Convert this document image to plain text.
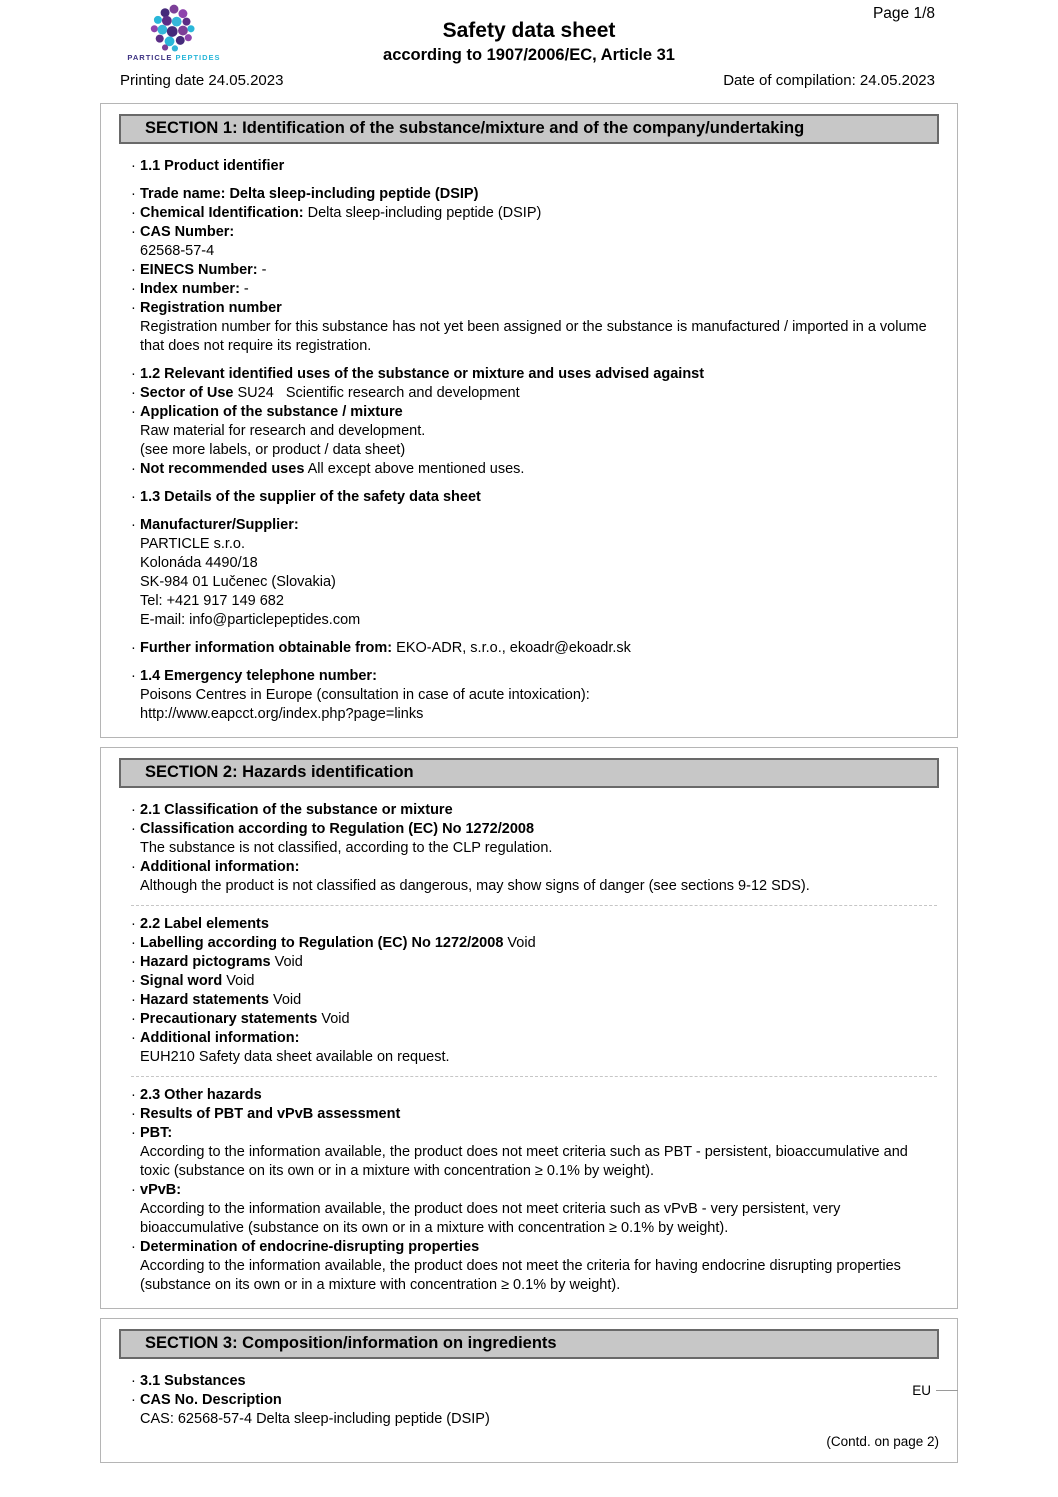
Page 1/8
PARTICLE PEPTIDES
Safety data sheet
according to 1907/2006/EC, Article 31
Printing date 24.05.2023	Date of compilation: 24.05.2023
SECTION 1: Identification of the substance/mixture and of the company/undertaking
· 1.1 Product identifier
· Trade name: Delta sleep-including peptide (DSIP)
· Chemical Identification: Delta sleep-including peptide (DSIP)
· CAS Number:
62568-57-4
· EINECS Number: -
· Index number: -
· Registration number
Registration number for this substance has not yet been assigned or the substance is manufactured / imported in a volume that does not require its registration.
· 1.2 Relevant identified uses of the substance or mixture and uses advised against
· Sector of Use SU24   Scientific research and development
· Application of the substance / mixture
Raw material for research and development.
(see more labels, or product / data sheet)
· Not recommended uses All except above mentioned uses.
· 1.3 Details of the supplier of the safety data sheet
· Manufacturer/Supplier:
PARTICLE s.r.o.
Kolonáda 4490/18
SK-984 01 Lučenec (Slovakia)
Tel: +421 917 149 682
E-mail: info@particlepeptides.com
· Further information obtainable from: EKO-ADR, s.r.o., ekoadr@ekoadr.sk
· 1.4 Emergency telephone number:
Poisons Centres in Europe (consultation in case of acute intoxication):
http://www.eapcct.org/index.php?page=links
SECTION 2: Hazards identification
· 2.1 Classification of the substance or mixture
· Classification according to Regulation (EC) No 1272/2008
The substance is not classified, according to the CLP regulation.
· Additional information:
Although the product is not classified as dangerous, may show signs of danger (see sections 9-12 SDS).
· 2.2 Label elements
· Labelling according to Regulation (EC) No 1272/2008 Void
· Hazard pictograms Void
· Signal word Void
· Hazard statements Void
· Precautionary statements Void
· Additional information:
EUH210 Safety data sheet available on request.
· 2.3 Other hazards
· Results of PBT and vPvB assessment
· PBT:
According to the information available, the product does not meet criteria such as PBT - persistent, bioaccumulative and toxic (substance on its own or in a mixture with concentration ≥ 0.1% by weight).
· vPvB:
According to the information available, the product does not meet criteria such as vPvB - very persistent, very bioaccumulative (substance on its own or in a mixture with concentration ≥ 0.1% by weight).
· Determination of endocrine-disrupting properties
According to the information available, the product does not meet the criteria for having endocrine disrupting properties (substance on its own or in a mixture with concentration ≥ 0.1% by weight).
SECTION 3: Composition/information on ingredients
· 3.1 Substances
· CAS No. Description
CAS: 62568-57-4 Delta sleep-including peptide (DSIP)
(Contd. on page 2)
EU
